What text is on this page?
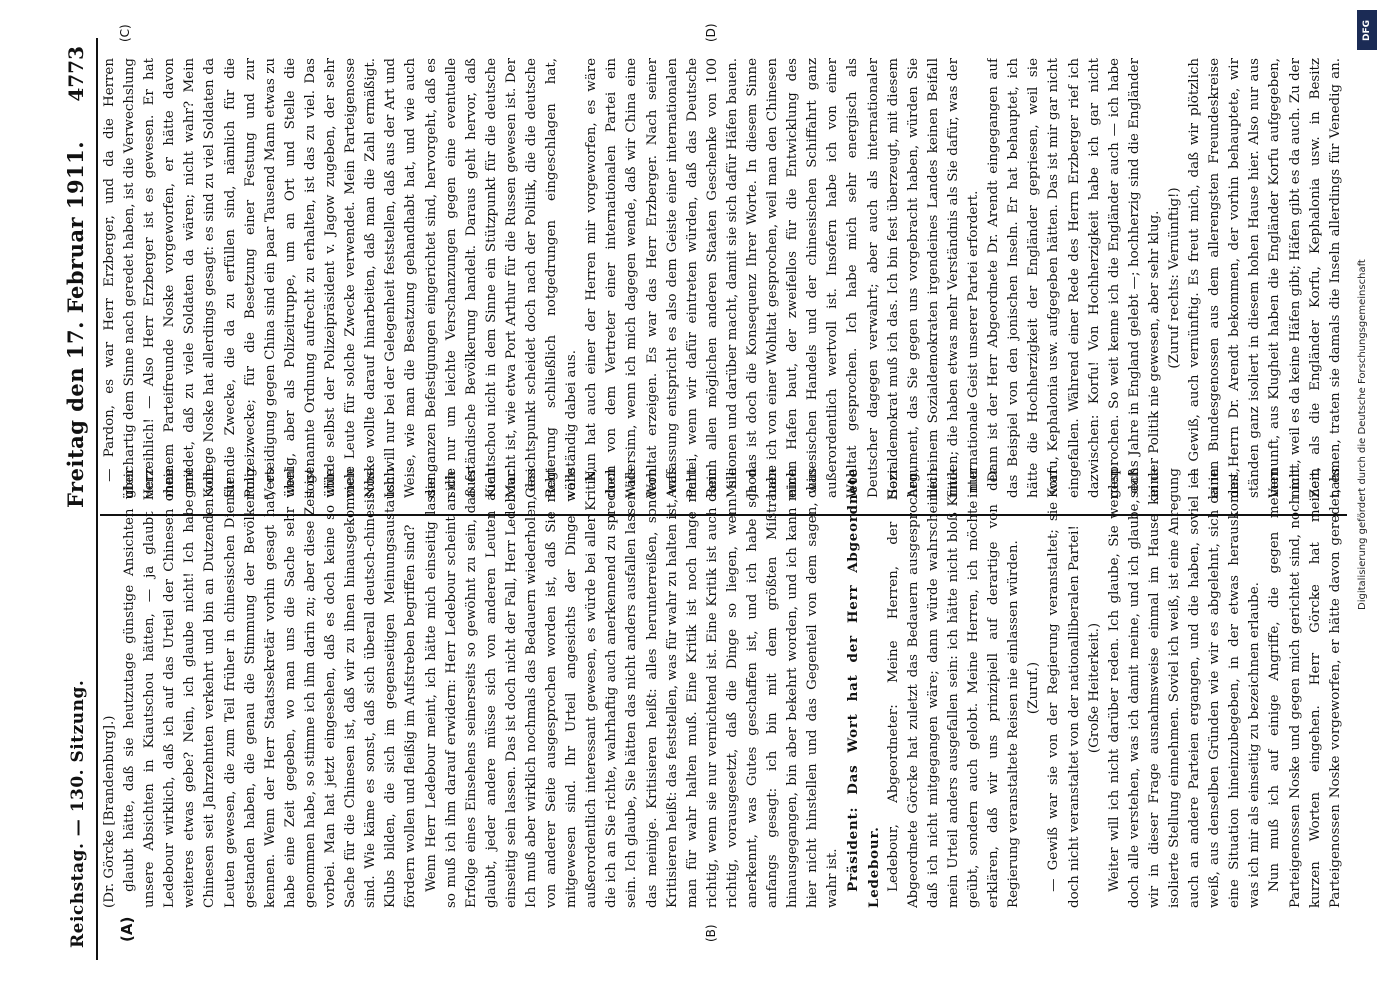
Reichstag. — 130. Sitzung.
Freitag den 17. Februar 1911.
4773
(A)	(B)
(C)	(D)

(Dr. Görcke [Brandenburg].) glaubt hätte, daß sie heutzutage günstige Ansichten über unsere Absichten in Kiautschou hätten, — ja glaubt Herr Ledebour wirklich, daß ich auf das Urteil der Chinesen ohne weiteres etwas gebe? Nein, ich glaube nicht! Ich habe mit Chinesen seit Jahrzehnten verkehrt und bin an Dutzenden von Leuten gewesen, die zum Teil früher in chinesischen Diensten gestanden haben, die genau die Stimmung der Bevölkerung kennen. Wenn der Herr Staatssekretär vorhin gesagt hat, es habe eine Zeit gegeben, wo man uns die Sache sehr übel genommen habe, so stimme ich ihm darin zu; aber diese Zeit ist vorbei. Man hat jetzt eingesehen, daß es doch keine so üble Sache für die Chinesen ist, daß wir zu ihnen hinausgekommen sind. Wie käme es sonst, daß sich überall deutsch-chinesische Klubs bilden, die sich im gegenseitigen Meinungsaustausch fördern wollen und fleißig im Aufstreben begriffen sind? Wenn Herr Ledebour meint, ich hätte mich einseitig lassen, so muß ich ihm darauf erwidern: Herr Ledebour scheint an die Erfolge eines Einsehens seinerseits so gewöhnt zu sein, daß er glaubt, jeder andere müsse sich von anderen Leuten auch einseitig sein lassen. Das ist doch nicht der Fall, Herr Ledebour. Ich muß aber wirklich nochmals das Bedauern wiederholen, das von anderer Seite ausgesprochen worden ist, daß Sie nicht mitgewesen sind. Ihr Urteil angesichts der Dinge wäre außerordentlich interessant gewesen, es würde bei aller Kritik, die ich an Sie richte, wahrhaftig auch anerkennend zu sprechen sein. Ich glaube, Sie hätten das nicht anders ausfallen lassen als das meinige. Kritisieren heißt: alles herunterreißen, sondern Kritisieren heißt: das feststellen, was für wahr zu halten ist, was man für wahr halten muß. Eine Kritik ist noch lange nicht richtig, wenn sie nur vernichtend ist. Eine Kritik ist auch dann richtig, vorausgesetzt, daß die Dinge so liegen, wenn sie anerkennt, was Gutes geschaffen ist, und ich habe schon anfangs gesagt: ich bin mit dem größten Mißtrauen hinausgegangen, bin aber bekehrt worden, und ich kann mich hier nicht hinstellen und das Gegenteil von dem sagen, was wahr ist. Präsident: Das Wort hat der Herr Abgeordnete Ledebour. Ledebour, Abgeordneter: Meine Herren, der Herr Abgeordnete Görcke hat zuletzt das Bedauern ausgesprochen, daß ich nicht mitgegangen wäre; dann würde wahrscheinlich mein Urteil anders ausgefallen sein: ich hätte nicht bloß Kritik geübt, sondern auch gelobt. Meine Herren, ich möchte nur erklären, daß wir uns prinzipiell auf derartige von der Regierung veranstaltete Reisen nie einlassen würden. (Zuruf.) — Gewiß war sie von der Regierung veranstaltet; sie war doch nicht veranstaltet von der nationalliberalen Partei! (Große Heiterkeit.) Weiter will ich nicht darüber reden. Ich glaube, Sie werden doch alle verstehen, was ich damit meine, und ich glaube, daß wir in dieser Frage ausnahmsweise einmal im Hause keine isolierte Stellung einnehmen. Soviel ich weiß, ist eine Anregung auch an andere Parteien ergangen, und die haben, soviel ich weiß, aus denselben Gründen wie wir es abgelehnt, sich da in eine Situation hineinzubegeben, in der etwas herauskommt, was ich mir als einseitig zu bezeichnen erlaube. Nun muß ich auf einige Angriffe, die gegen meinen Parteigenossen Noske und gegen mich gerichtet sind, noch mit kurzen Worten eingehen. Herr Görcke hat meinem Parteigenossen Noske vorgeworfen, er hätte davon geredet, es

— Pardon, es war Herr Erzberger, und da die Herren gleichartig dem Sinne nach geredet haben, ist die Verwechslung verzeihlich! — Also Herr Erzberger ist es gewesen. Er hat meinem Parteifreunde Noske vorgeworfen, er hätte davon geredet, daß zu viele Soldaten da wären; nicht wahr? Mein Kollege Noske hat allerdings gesagt: es sind zu viel Soldaten da für die Zwecke, die da zu erfüllen sind, nämlich für die Polizeizwecke; für die Besetzung einer Festung und zur Verteidigung gegen China sind ein paar Tausend Mann etwas zu wenig, aber als Polizeitruppe, um an Ort und Stelle die sogenannte Ordnung aufrecht zu erhalten, ist das zu viel. Das würde selbst der Polizeipräsident v. Jagow zugeben, der sehr viele Leute für solche Zwecke verwendet. Mein Parteigenosse Noske wollte darauf hinarbeiten, daß man die Zahl ermäßigt. Ich will nur bei der Gelegenheit feststellen, daß aus der Art und Weise, wie man die Besatzung gehandhabt hat, und wie auch die ganzen Befestigungen eingerichtet sind, hervorgeht, daß es sich nur um leichte Verschanzungen gegen eine eventuelle aufständische Bevölkerung handelt. Daraus geht hervor, daß Kiautschou nicht in dem Sinne ein Stützpunkt für die deutsche Macht ist, wie etwa Port Arthur für die Russen gewesen ist. Der Gesichtspunkt scheidet doch nach der Politik, die die deutsche Regierung schließlich notgedrungen eingeschlagen hat, vollständig dabei aus. Nun hat auch einer der Herren mir vorgeworfen, es wäre doch von dem Vertreter einer internationalen Partei ein Widersinn, wenn ich mich dagegen wende, daß wir China eine Wohltat erzeigen. Es war das Herr Erzberger. Nach seiner Auffassung entspricht es also dem Geiste einer internationalen Partei, wenn wir dafür eintreten würden, daß das Deutsche Reich allen möglichen anderen Staaten Geschenke von 100 Millionen und darüber macht, damit sie sich dafür Häfen bauen. Ja das ist doch die Konsequenz Ihrer Worte. In diesem Sinne habe ich von einer Wohltat gesprochen, weil man den Chinesen einen Hafen baut, der zweifellos für die Entwicklung des chinesischen Handels und der chinesischen Schiffahrt ganz außerordentlich wertvoll ist. Insofern habe ich von einer Wohltat gesprochen. Ich habe mich sehr energisch als Deutscher dagegen verwahrt; aber auch als internationaler Sozialdemokrat muß ich das. Ich bin fest überzeugt, mit diesem Argument, das Sie gegen uns vorgebracht haben, würden Sie bei einem Sozialdemokraten irgendeines Landes keinen Beifall finden; die haben etwas mehr Verständnis als Sie dafür, was der internationale Geist unserer Partei erfordert. Dann ist der Herr Abgeordnete Dr. Arendt eingegangen auf das Beispiel von den jonischen Inseln. Er hat behauptet, ich hätte die Hochherzigkeit der Engländer gepriesen, weil sie Korfu, Kephalonia usw. aufgegeben hätten. Das ist mir gar nicht eingefallen. Während einer Rede des Herrn Erzberger rief ich dazwischen: Korfu! Von Hochherzigkeit habe ich gar nicht gesprochen. So weit kenne ich die Engländer auch — ich habe sechs Jahre in England gelebt —; hochherzig sind die Engländer in der Politik nie gewesen, aber sehr klug. (Zuruf rechts: Vernünftig!)

— Gewiß, auch vernünftig. Es freut mich, daß wir plötzlich einen Bundesgenossen aus dem allerengsten Freundeskreise des Herrn Dr. Arendt bekommen, der vorhin behauptete, wir ständen ganz isoliert in diesem hohen Hause hier. Also nur aus Vernunft, aus Klugheit haben die Engländer Korfu aufgegeben, nicht, weil es da keine Häfen gibt; Häfen gibt es da auch. Zu der Zeit, als die Engländer Korfu, Kephalonia usw. in Besitz nahmen, traten sie damals die Inseln allerdings für Venedig an.

Digitalisierung gefördert durch die Deutsche Forschungsgemeinschaft
DFG
